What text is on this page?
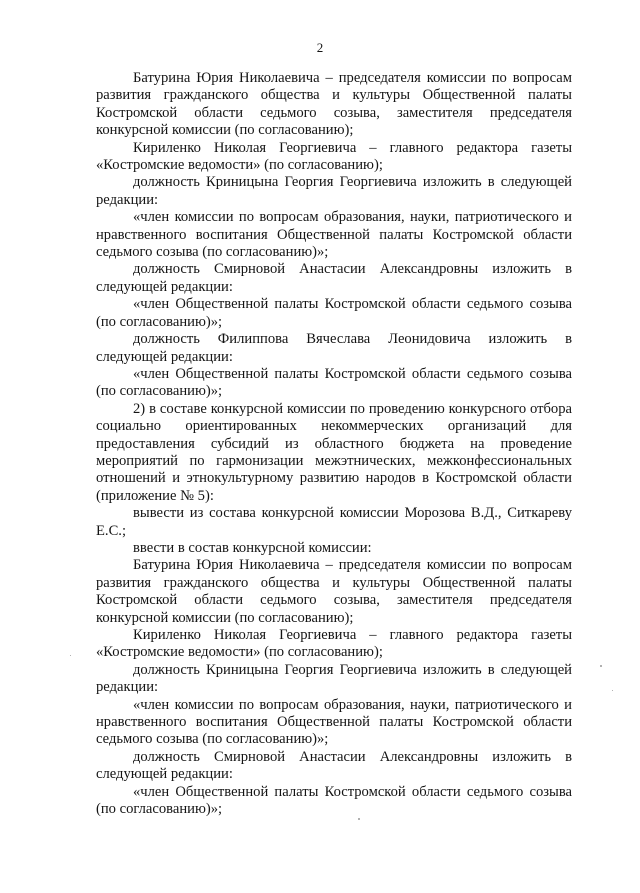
2

Батурина Юрия Николаевича – председателя комиссии по вопросам развития гражданского общества и культуры Общественной палаты Костромской области седьмого созыва, заместителя председателя конкурсной комиссии (по согласованию);

Кириленко Николая Георгиевича – главного редактора газеты «Костромские ведомости» (по согласованию);

должность Криницына Георгия Георгиевича изложить в следующей редакции:

«член комиссии по вопросам образования, науки, патриотического и нравственного воспитания Общественной палаты Костромской области седьмого созыва (по согласованию)»;

должность Смирновой Анастасии Александровны изложить в следующей редакции:

«член Общественной палаты Костромской области седьмого созыва (по согласованию)»;

должность Филиппова Вячеслава Леонидовича изложить в следующей редакции:

«член Общественной палаты Костромской области седьмого созыва (по согласованию)»;

2) в составе конкурсной комиссии по проведению конкурсного отбора социально ориентированных некоммерческих организаций для предоставления субсидий из областного бюджета на проведение мероприятий по гармонизации межэтнических, межконфессиональных отношений и этнокультурному развитию народов в Костромской области (приложение № 5):

вывести из состава конкурсной комиссии Морозова В.Д., Ситкареву Е.С.;

ввести в состав конкурсной комиссии:

Батурина Юрия Николаевича – председателя комиссии по вопросам развития гражданского общества и культуры Общественной палаты Костромской области седьмого созыва, заместителя председателя конкурсной комиссии (по согласованию);

Кириленко Николая Георгиевича – главного редактора газеты «Костромские ведомости» (по согласованию);

должность Криницына Георгия Георгиевича изложить в следующей редакции:

«член комиссии по вопросам образования, науки, патриотического и нравственного воспитания Общественной палаты Костромской области седьмого созыва (по согласованию)»;

должность Смирновой Анастасии Александровны изложить в следующей редакции:

«член Общественной палаты Костромской области седьмого созыва (по согласованию)»;
